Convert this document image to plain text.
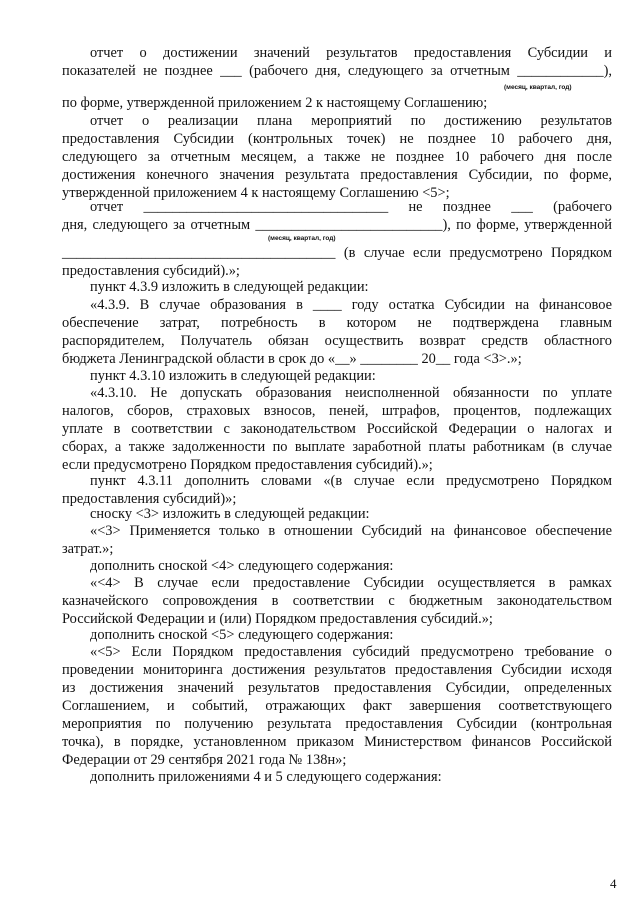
отчет о достижении значений результатов предоставления Субсидии и
показателей не позднее ___ (рабочего дня, следующего за отчетным ____________),
(месяц, квартал, год)
по форме, утвержденной приложением 2 к настоящему Соглашению;
отчет о реализации плана мероприятий по достижению результатов
предоставления Субсидии (контрольных точек) не позднее 10 рабочего дня,
следующего за отчетным месяцем, а также не позднее 10 рабочего дня после
достижения конечного значения результата предоставления Субсидии, по форме,
утвержденной приложением 4 к настоящему Соглашению <5>;
отчет __________________________________ не позднее ___ (рабочего
дня, следующего за отчетным __________________________), по форме, утвержденной
(месяц, квартал, год)
______________________________________ (в случае если предусмотрено Порядком
предоставления субсидий).»;
пункт 4.3.9 изложить в следующей редакции:
«4.3.9. В случае образования в ____ году остатка Субсидии на финансовое
обеспечение затрат, потребность в котором не подтверждена главным
распорядителем, Получатель обязан осуществить возврат средств областного
бюджета Ленинградской области в срок до «__» ________ 20__ года <3>.»;
пункт 4.3.10 изложить в следующей редакции:
«4.3.10. Не допускать образования неисполненной обязанности по уплате
налогов, сборов, страховых взносов, пеней, штрафов, процентов, подлежащих
уплате в соответствии с законодательством Российской Федерации о налогах и
сборах, а также задолженности по выплате заработной платы работникам (в случае
если предусмотрено Порядком предоставления субсидий).»;
пункт 4.3.11 дополнить словами «(в случае если предусмотрено Порядком
предоставления субсидий)»;
сноску <3> изложить в следующей редакции:
«<3> Применяется только в отношении Субсидий на финансовое обеспечение
затрат.»;
дополнить сноской <4> следующего содержания:
«<4> В случае если предоставление Субсидии осуществляется в рамках
казначейского сопровождения в соответствии с бюджетным законодательством
Российской Федерации и (или) Порядком предоставления субсидий.»;
дополнить сноской <5> следующего содержания:
«<5> Если Порядком предоставления субсидий предусмотрено требование о
проведении мониторинга достижения результатов предоставления Субсидии исходя
из достижения значений результатов предоставления Субсидии, определенных
Соглашением, и событий, отражающих факт завершения соответствующего
мероприятия по получению результата предоставления Субсидии (контрольная
точка), в порядке, установленном приказом Министерством финансов Российской
Федерации от 29 сентября 2021 года № 138н»;
дополнить приложениями 4 и 5 следующего содержания:
4
